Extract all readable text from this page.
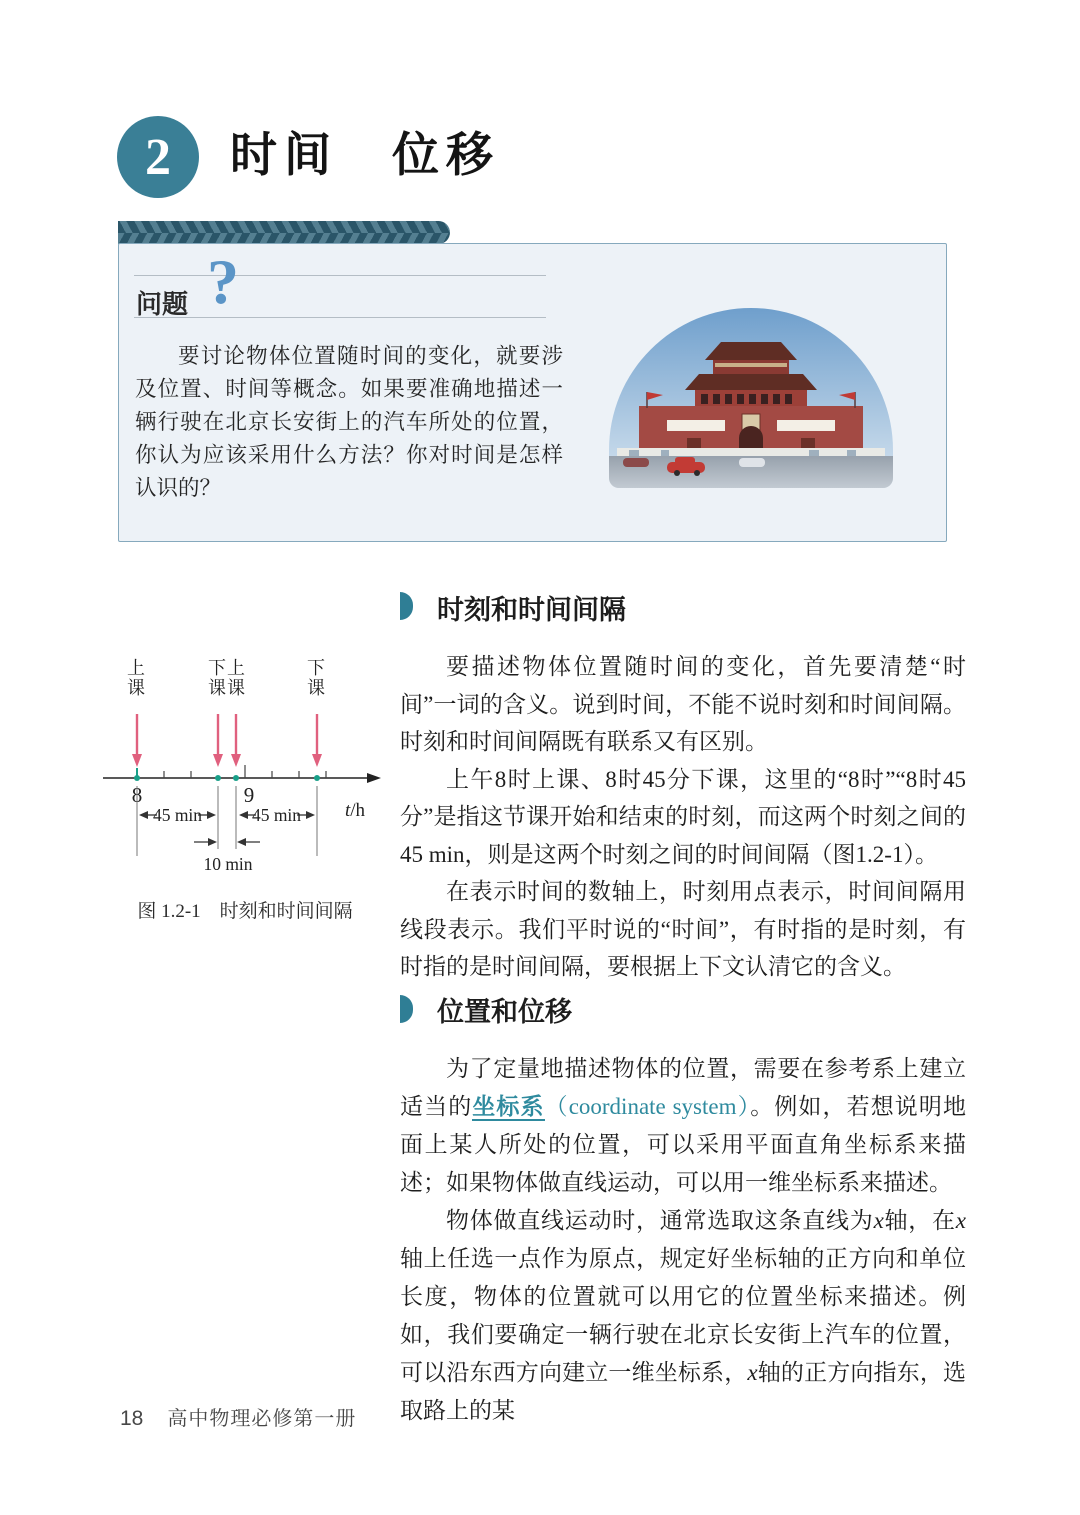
2 时间　位移
问题 ?
要讨论物体位置随时间的变化，就要涉及位置、时间等概念。如果要准确地描述一辆行驶在北京长安街上的汽车所处的位置，你认为应该采用什么方法？你对时间是怎样认识的？
时刻和时间间隔

要描述物体位置随时间的变化，首先要清楚“时间”一词的含义。说到时间，不能不说时刻和时间间隔。时刻和时间间隔既有联系又有区别。

上午8时上课、8时45分下课，这里的“8时”“8时45分”是指这节课开始和结束的时刻，而这两个时刻之间的45 min，则是这两个时刻之间的时间间隔（图1.2-1）。

在表示时间的数轴上，时刻用点表示，时间间隔用线段表示。我们平时说的“时间”，有时指的是时刻，有时指的是时间间隔，要根据上下文认清它的含义。

上课	下课 上课	下课
8	9
45 min	45 min
10 min
t/h
图 1.2-1　时刻和时间间隔
位置和位移

为了定量地描述物体的位置，需要在参考系上建立适当的坐标系（coordinate system）。例如，若想说明地面上某人所处的位置，可以采用平面直角坐标系来描述；如果物体做直线运动，可以用一维坐标系来描述。

物体做直线运动时，通常选取这条直线为x轴，在x轴上任选一点作为原点，规定好坐标轴的正方向和单位长度，物体的位置就可以用它的位置坐标来描述。例如，我们要确定一辆行驶在北京长安街上汽车的位置，可以沿东西方向建立一维坐标系，x轴的正方向指东，选取路上的某

18 高中物理必修第一册
